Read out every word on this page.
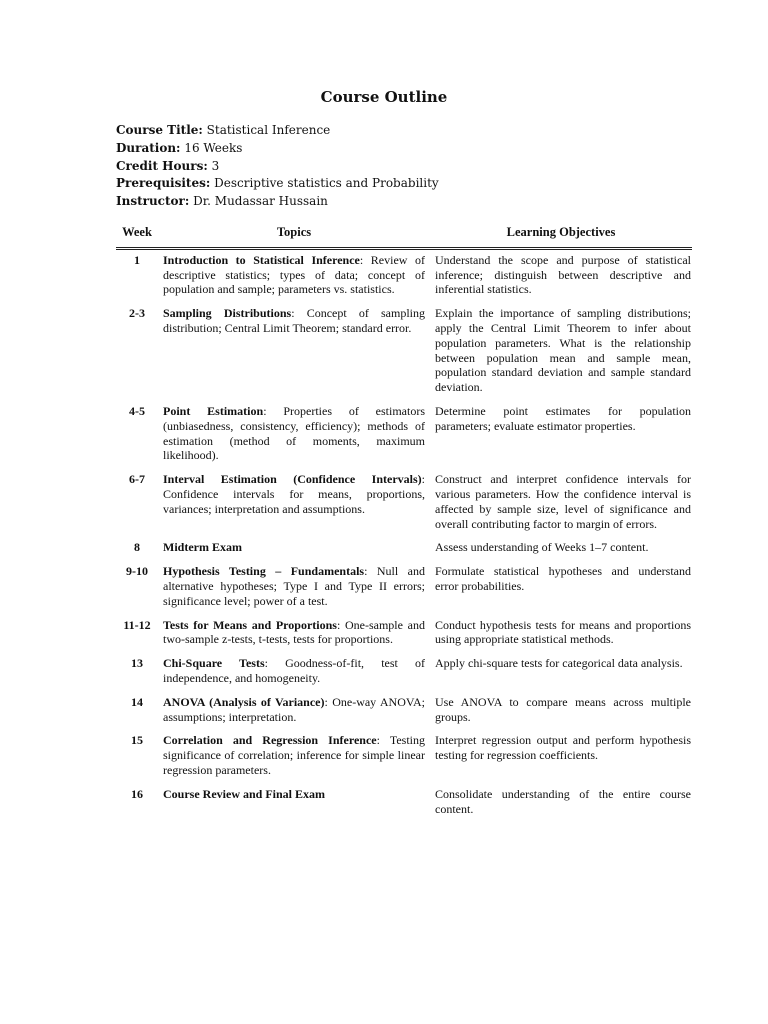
Course Outline
Course Title: Statistical Inference
Duration: 16 Weeks
Credit Hours: 3
Prerequisites: Descriptive statistics and Probability
Instructor: Dr. Mudassar Hussain
Week	Topics	Learning Objectives
1	Introduction to Statistical Inference: Review of descriptive statistics; types of data; concept of population and sample; parameters vs. statistics.	Understand the scope and purpose of statistical inference; distinguish between descriptive and inferential statistics.
2-3	Sampling Distributions: Concept of sampling distribution; Central Limit Theorem; standard error.	Explain the importance of sampling distributions; apply the Central Limit Theorem to infer about population parameters. What is the relationship between population mean and sample mean, population standard deviation and sample standard deviation.
4-5	Point Estimation: Properties of estimators (unbiasedness, consistency, efficiency); methods of estimation (method of moments, maximum likelihood).	Determine point estimates for population parameters; evaluate estimator properties.
6-7	Interval Estimation (Confidence Intervals): Confidence intervals for means, proportions, variances; interpretation and assumptions.	Construct and interpret confidence intervals for various parameters. How the confidence interval is affected by sample size, level of significance and overall contributing factor to margin of errors.
8	Midterm Exam	Assess understanding of Weeks 1–7 content.
9-10	Hypothesis Testing – Fundamentals: Null and alternative hypotheses; Type I and Type II errors; significance level; power of a test.	Formulate statistical hypotheses and understand error probabilities.
11-12	Tests for Means and Proportions: One-sample and two-sample z-tests, t-tests, tests for proportions.	Conduct hypothesis tests for means and proportions using appropriate statistical methods.
13	Chi-Square Tests: Goodness-of-fit, test of independence, and homogeneity.	Apply chi-square tests for categorical data analysis.
14	ANOVA (Analysis of Variance): One-way ANOVA; assumptions; interpretation.	Use ANOVA to compare means across multiple groups.
15	Correlation and Regression Inference: Testing significance of correlation; inference for simple linear regression parameters.	Interpret regression output and perform hypothesis testing for regression coefficients.
16	Course Review and Final Exam	Consolidate understanding of the entire course content.
